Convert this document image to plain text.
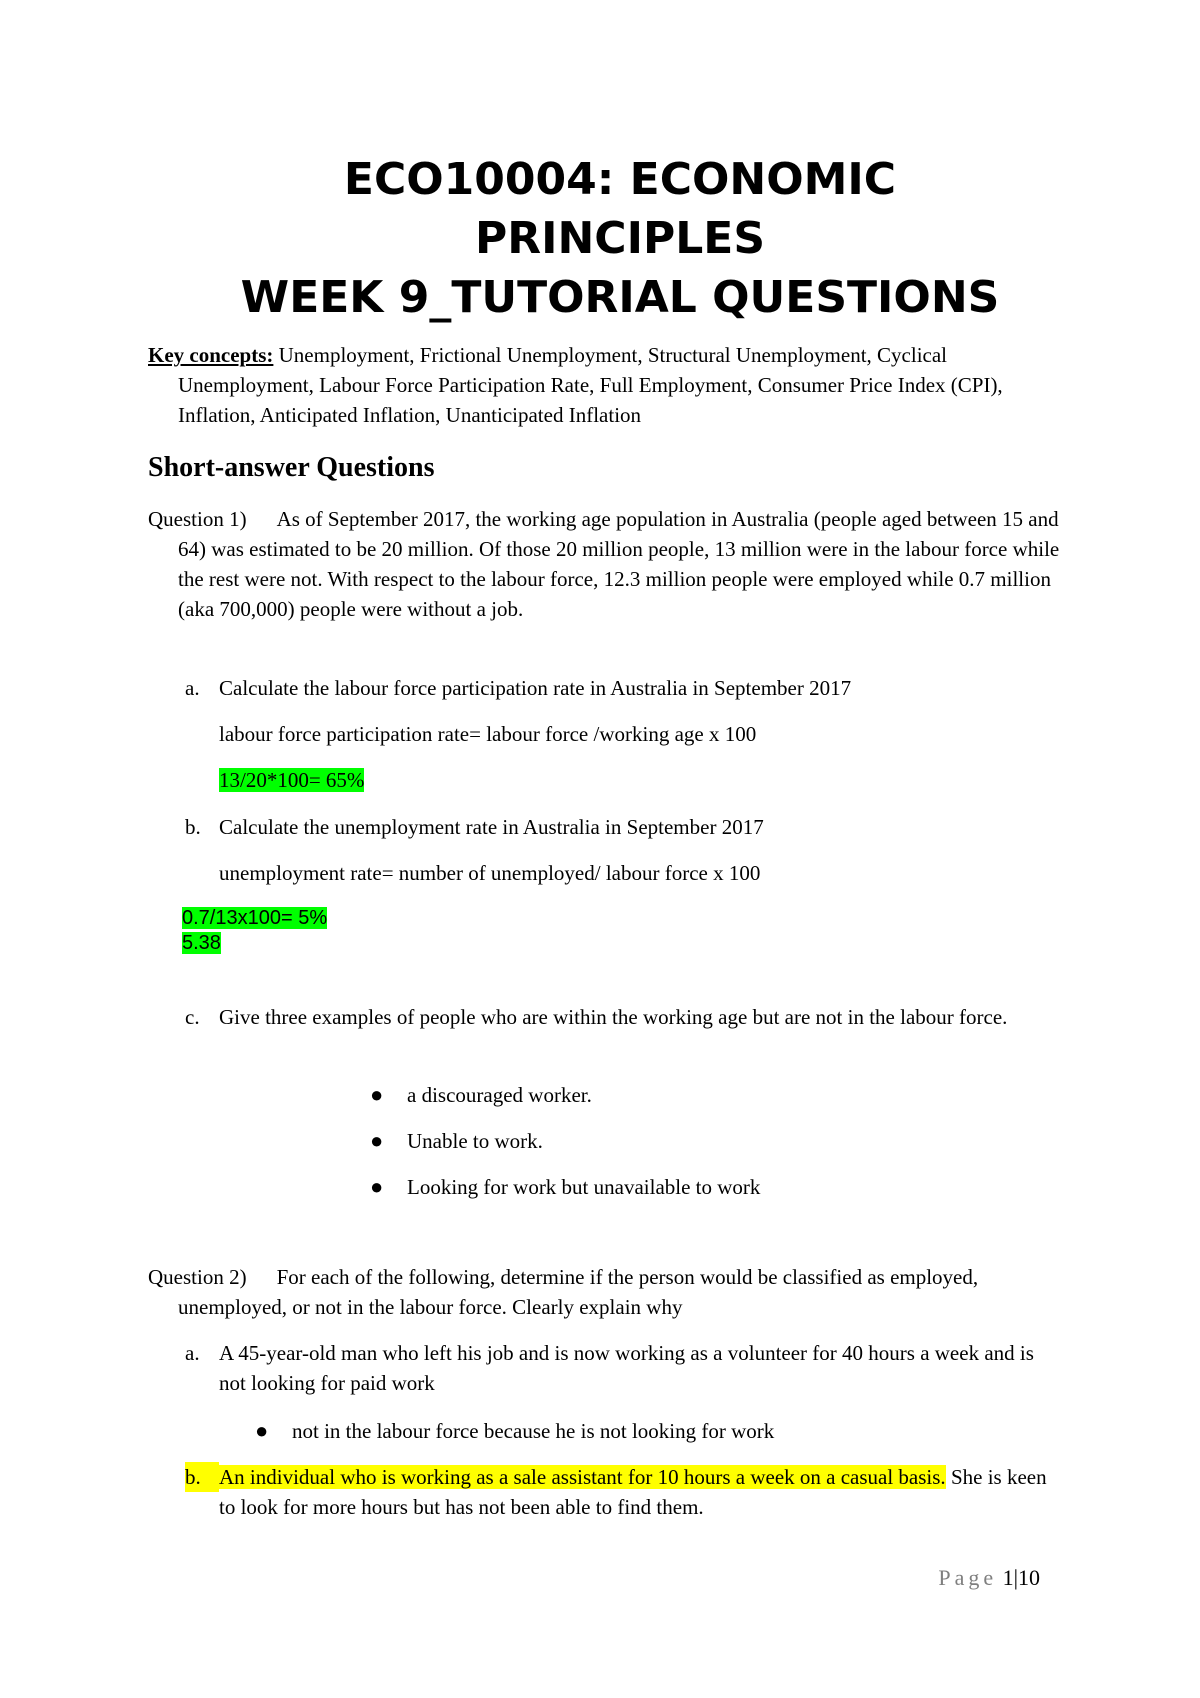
ECO10004: ECONOMIC
PRINCIPLES
WEEK 9_TUTORIAL QUESTIONS
Key concepts: Unemployment, Frictional Unemployment, Structural Unemployment, Cyclical Unemployment, Labour Force Participation Rate, Full Employment, Consumer Price Index (CPI), Inflation, Anticipated Inflation, Unanticipated Inflation
Short-answer Questions
Question 1) As of September 2017, the working age population in Australia (people aged between 15 and 64) was estimated to be 20 million. Of those 20 million people, 13 million were in the labour force while the rest were not. With respect to the labour force, 12.3 million people were employed while 0.7 million (aka 700,000) people were without a job.
a. Calculate the labour force participation rate in Australia in September 2017
labour force participation rate= labour force /working age x 100
13/20*100= 65%
b. Calculate the unemployment rate in Australia in September 2017
unemployment rate= number of unemployed/ labour force x 100
0.7/13x100= 5%
5.38
c. Give three examples of people who are within the working age but are not in the labour force.
● a discouraged worker.
● Unable to work.
● Looking for work but unavailable to work
Question 2) For each of the following, determine if the person would be classified as employed, unemployed, or not in the labour force. Clearly explain why
a. A 45-year-old man who left his job and is now working as a volunteer for 40 hours a week and is not looking for paid work
● not in the labour force because he is not looking for work
b. An individual who is working as a sale assistant for 10 hours a week on a casual basis. She is keen to look for more hours but has not been able to find them.
Page 1|10
